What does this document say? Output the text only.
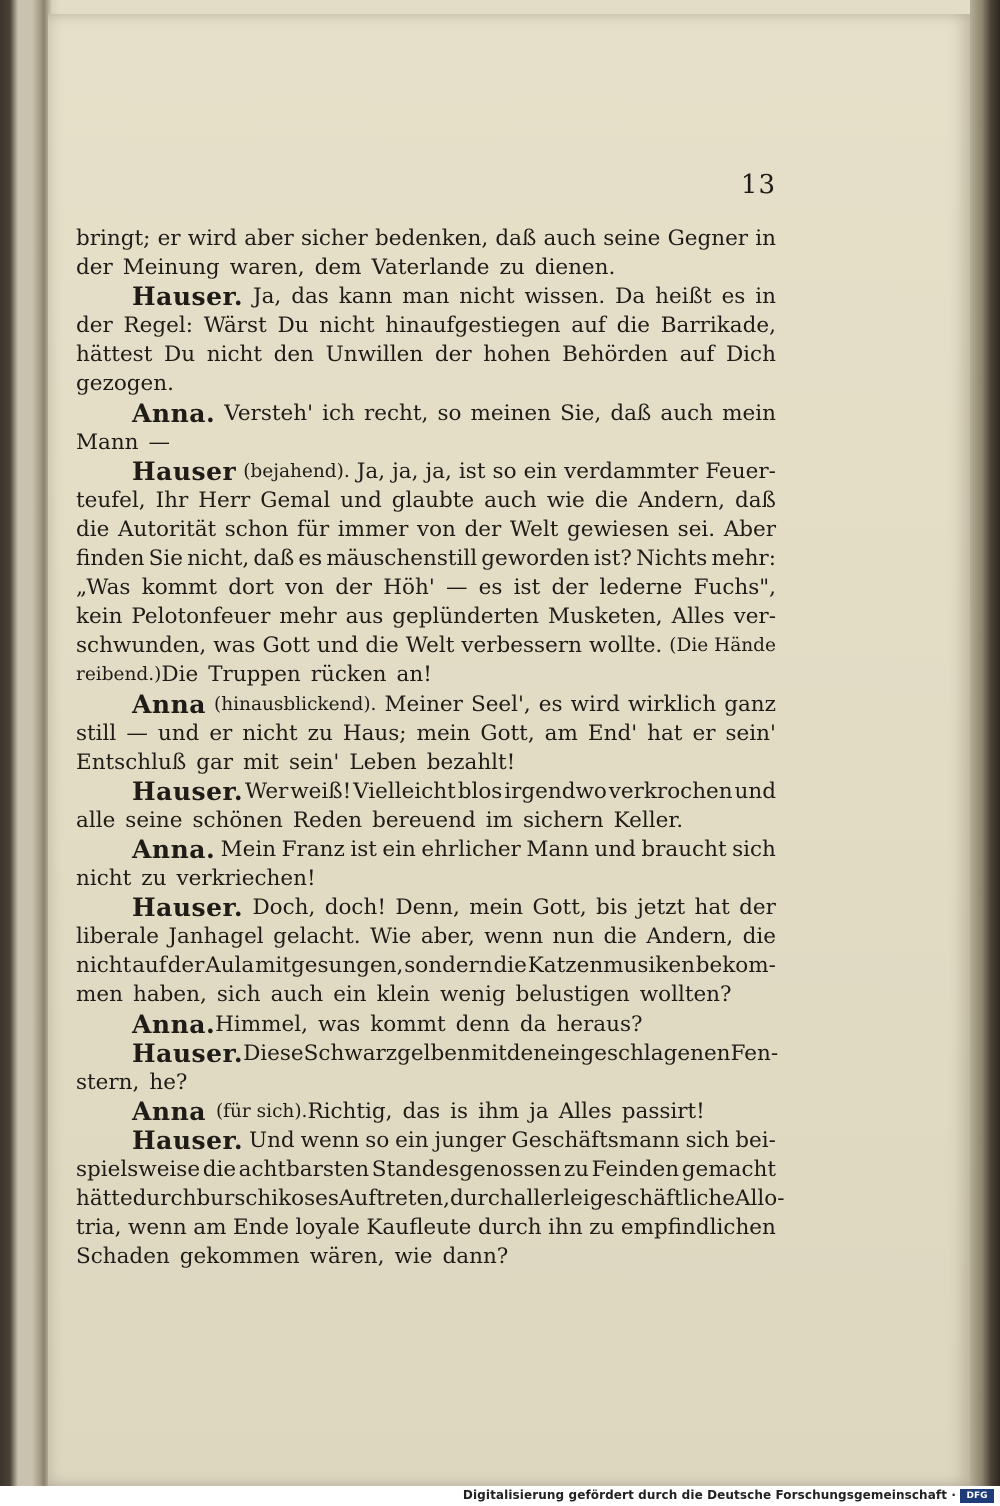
13
bringt; er wird aber sicher bedenken, daß auch seine Gegner in
der Meinung waren, dem Vaterlande zu dienen.
Hauser. Ja, das kann man nicht wissen. Da heißt es in
der Regel: Wärst Du nicht hinaufgestiegen auf die Barrikade,
hättest Du nicht den Unwillen der hohen Behörden auf Dich
gezogen.
Anna. Versteh' ich recht, so meinen Sie, daß auch mein
Mann —
Hauser (bejahend). Ja, ja, ja, ist so ein verdammter Feuer-
teufel, Ihr Herr Gemal und glaubte auch wie die Andern, daß
die Autorität schon für immer von der Welt gewiesen sei. Aber
finden Sie nicht, daß es mäuschenstill geworden ist? Nichts mehr:
„Was kommt dort von der Höh' — es ist der lederne Fuchs",
kein Pelotonfeuer mehr aus geplünderten Musketen, Alles ver-
schwunden, was Gott und die Welt verbessern wollte. (Die Hände
reibend.) Die Truppen rücken an!
Anna (hinausblickend). Meiner Seel', es wird wirklich ganz
still — und er nicht zu Haus; mein Gott, am End' hat er sein'
Entschluß gar mit sein' Leben bezahlt!
Hauser. Wer weiß! Vielleicht blos irgendwo verkrochen und
alle seine schönen Reden bereuend im sichern Keller.
Anna. Mein Franz ist ein ehrlicher Mann und braucht sich
nicht zu verkriechen!
Hauser. Doch, doch! Denn, mein Gott, bis jetzt hat der
liberale Janhagel gelacht. Wie aber, wenn nun die Andern, die
nicht auf der Aula mitgesungen, sondern die Katzenmusiken bekom-
men haben, sich auch ein klein wenig belustigen wollten?
Anna. Himmel, was kommt denn da heraus?
Hauser. Diese Schwarzgelben mit den eingeschlagenen Fen-
stern, he?
Anna (für sich). Richtig, das is ihm ja Alles passirt!
Hauser. Und wenn so ein junger Geschäftsmann sich bei-
spielsweise die achtbarsten Standesgenossen zu Feinden gemacht
hätte durch burschikoses Auftreten, durch allerlei geschäftliche Allo-
tria, wenn am Ende loyale Kaufleute durch ihn zu empfindlichen
Schaden gekommen wären, wie dann?
Digitalisierung gefördert durch die Deutsche Forschungsgemeinschaft ·	DFG
